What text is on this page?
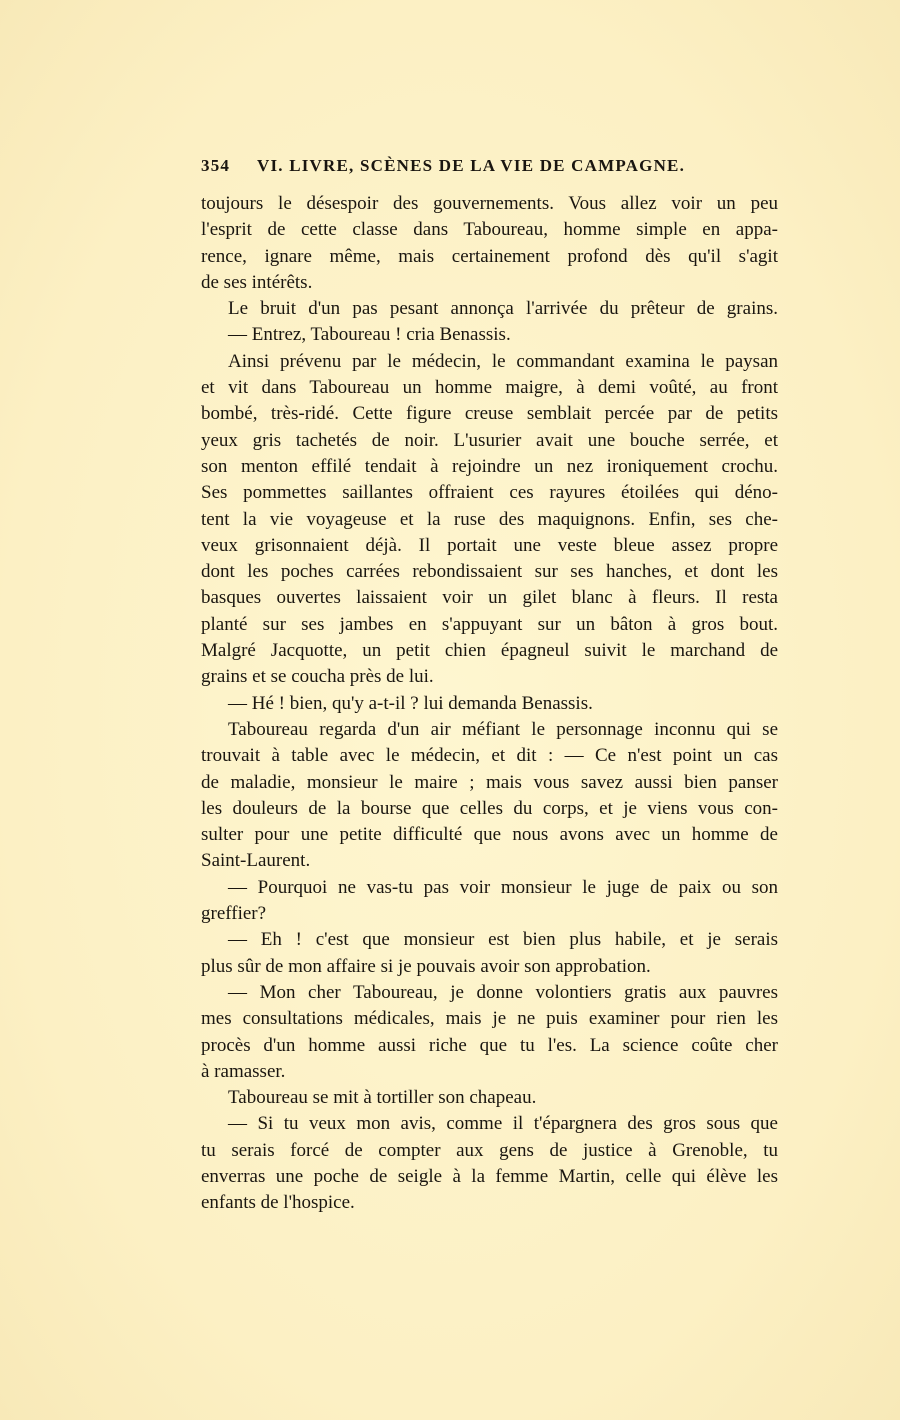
354 VI. LIVRE, SCÈNES DE LA VIE DE CAMPAGNE.
toujours le désespoir des gouvernements. Vous allez voir un peu
l'esprit de cette classe dans Taboureau, homme simple en appa-
rence, ignare même, mais certainement profond dès qu'il s'agit
de ses intérêts.
Le bruit d'un pas pesant annonça l'arrivée du prêteur de grains.
— Entrez, Taboureau ! cria Benassis.
Ainsi prévenu par le médecin, le commandant examina le paysan
et vit dans Taboureau un homme maigre, à demi voûté, au front
bombé, très-ridé. Cette figure creuse semblait percée par de petits
yeux gris tachetés de noir. L'usurier avait une bouche serrée, et
son menton effilé tendait à rejoindre un nez ironiquement crochu.
Ses pommettes saillantes offraient ces rayures étoilées qui déno-
tent la vie voyageuse et la ruse des maquignons. Enfin, ses che-
veux grisonnaient déjà. Il portait une veste bleue assez propre
dont les poches carrées rebondissaient sur ses hanches, et dont les
basques ouvertes laissaient voir un gilet blanc à fleurs. Il resta
planté sur ses jambes en s'appuyant sur un bâton à gros bout.
Malgré Jacquotte, un petit chien épagneul suivit le marchand de
grains et se coucha près de lui.
— Hé ! bien, qu'y a-t-il ? lui demanda Benassis.
Taboureau regarda d'un air méfiant le personnage inconnu qui se
trouvait à table avec le médecin, et dit : — Ce n'est point un cas
de maladie, monsieur le maire ; mais vous savez aussi bien panser
les douleurs de la bourse que celles du corps, et je viens vous con-
sulter pour une petite difficulté que nous avons avec un homme de
Saint-Laurent.
— Pourquoi ne vas-tu pas voir monsieur le juge de paix ou son
greffier?
— Eh ! c'est que monsieur est bien plus habile, et je serais
plus sûr de mon affaire si je pouvais avoir son approbation.
— Mon cher Taboureau, je donne volontiers gratis aux pauvres
mes consultations médicales, mais je ne puis examiner pour rien les
procès d'un homme aussi riche que tu l'es. La science coûte cher
à ramasser.
Taboureau se mit à tortiller son chapeau.
— Si tu veux mon avis, comme il t'épargnera des gros sous que
tu serais forcé de compter aux gens de justice à Grenoble, tu
enverras une poche de seigle à la femme Martin, celle qui élève les
enfants de l'hospice.
